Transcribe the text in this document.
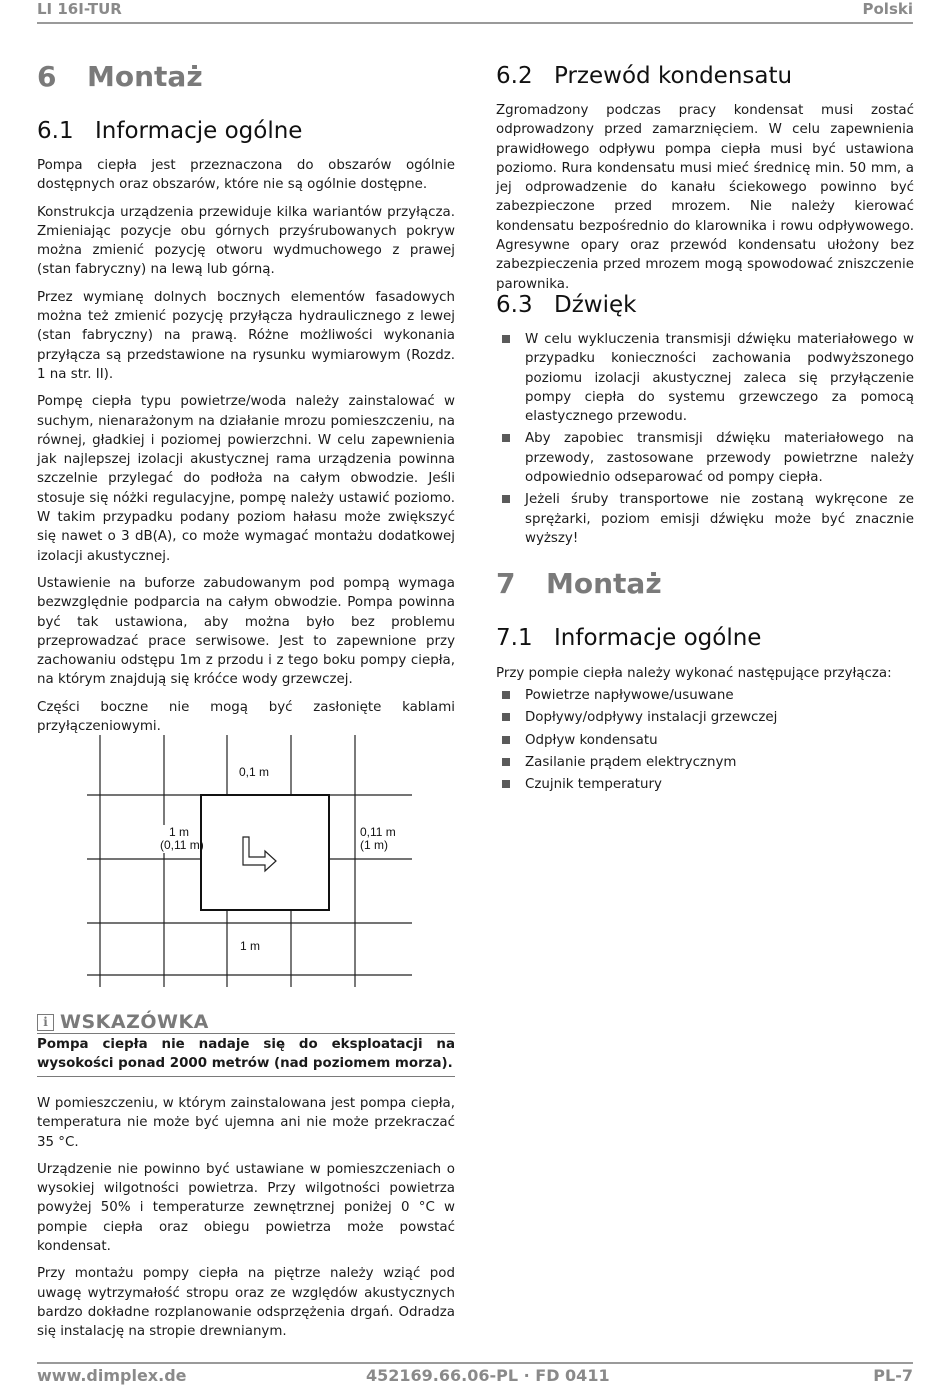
LI 16I-TUR	Polski
6 Montaż
6.1 Informacje ogólne

Pompa ciepła jest przeznaczona do obszarów ogólnie dostępnych oraz obszarów, które nie są ogólnie dostępne.

Konstrukcja urządzenia przewiduje kilka wariantów przyłącza. Zmieniając pozycje obu górnych przyśrubowanych pokryw można zmienić pozycję otworu wydmuchowego z prawej (stan fabryczny) na lewą lub górną.

Przez wymianę dolnych bocznych elementów fasadowych można też zmienić pozycję przyłącza hydraulicznego z lewej (stan fabryczny) na prawą. Różne możliwości wykonania przyłącza są przedstawione na rysunku wymiarowym (Rozdz. 1 na str. II).

Pompę ciepła typu powietrze/woda należy zainstalować w suchym, nienarażonym na działanie mrozu pomieszczeniu, na równej, gładkiej i poziomej powierzchni. W celu zapewnienia jak najlepszej izolacji akustycznej rama urządzenia powinna szczelnie przylegać do podłoża na całym obwodzie. Jeśli stosuje się nóżki regulacyjne, pompę należy ustawić poziomo. W takim przypadku podany poziom hałasu może zwiększyć się nawet o 3 dB(A), co może wymagać montażu dodatkowej izolacji akustycznej.

Ustawienie na buforze zabudowanym pod pompą wymaga bezwzględnie podparcia na całym obwodzie. Pompa powinna być tak ustawiona, aby można było bez problemu przeprowadzać prace serwisowe. Jest to zapewnione przy zachowaniu odstępu 1m z przodu i z tego boku pompy ciepła, na którym znajdują się króćce wody grzewczej.

Części boczne nie mogą być zasłonięte kablami przyłączeniowymi.

0,1 m
1 m
(0,11 m)
0,11 m
(1 m)
1 m
i WSKAZÓWKA
Pompa ciepła nie nadaje się do eksploatacji na wysokości ponad 2000 metrów (nad poziomem morza).

W pomieszczeniu, w którym zainstalowana jest pompa ciepła, temperatura nie może być ujemna ani nie może przekraczać 35 °C.

Urządzenie nie powinno być ustawiane w pomieszczeniach o wysokiej wilgotności powietrza. Przy wilgotności powietrza powyżej 50% i temperaturze zewnętrznej poniżej 0 °C w pompie ciepła oraz obiegu powietrza może powstać kondensat.

Przy montażu pompy ciepła na piętrze należy wziąć pod uwagę wytrzymałość stropu oraz ze względów akustycznych bardzo dokładne rozplanowanie odsprzężenia drgań. Odradza się instalację na stropie drewnianym.

6.2 Przewód kondensatu

Zgromadzony podczas pracy kondensat musi zostać odprowadzony przed zamarznięciem. W celu zapewnienia prawidłowego odpływu pompa ciepła musi być ustawiona poziomo. Rura kondensatu musi mieć średnicę min. 50 mm, a jej odprowadzenie do kanału ściekowego powinno być zabezpieczone przed mrozem. Nie należy kierować kondensatu bezpośrednio do klarownika i rowu odpływowego. Agresywne opary oraz przewód kondensatu ułożony bez zabezpieczenia przed mrozem mogą spowodować zniszczenie parownika.

6.3 Dźwięk
W celu wykluczenia transmisji dźwięku materiałowego w przypadku konieczności zachowania podwyższonego poziomu izolacji akustycznej zaleca się przyłączenie pompy ciepła do systemu grzewczego za pomocą elastycznego przewodu.
Aby zapobiec transmisji dźwięku materiałowego na przewody, zastosowane przewody powietrzne należy odpowiednio odseparować od pompy ciepła.
Jeżeli śruby transportowe nie zostaną wykręcone ze sprężarki, poziom emisji dźwięku może być znacznie wyższy!
7 Montaż
7.1 Informacje ogólne

Przy pompie ciepła należy wykonać następujące przyłącza:

Powietrze napływowe/usuwane
Dopływy/odpływy instalacji grzewczej
Odpływ kondensatu
Zasilanie prądem elektrycznym
Czujnik temperatury
www.dimplex.de	452169.66.06-PL · FD 0411	PL-7
